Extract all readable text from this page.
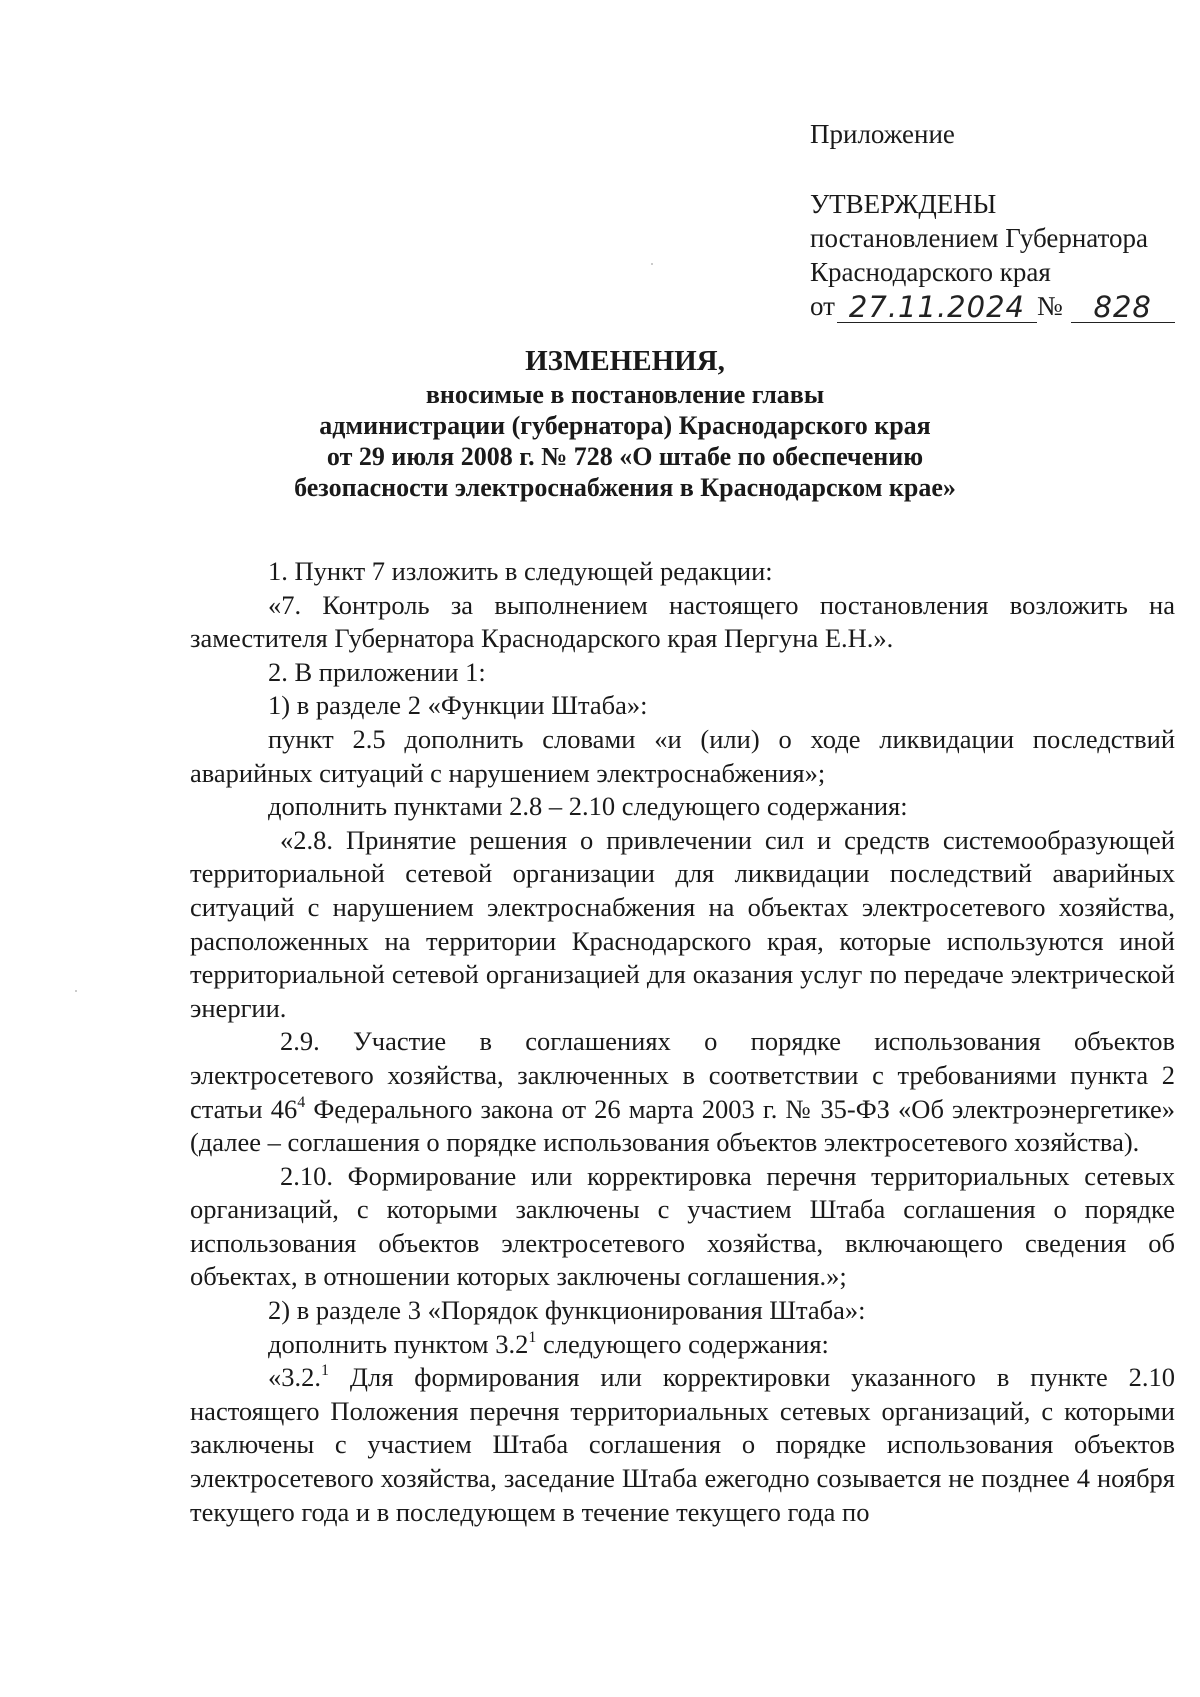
Приложение
УТВЕРЖДЕНЫ
постановлением Губернатора
Краснодарского края
от 27.11.2024 №	828
ИЗМЕНЕНИЯ,
вносимые в постановление главы
администрации (губернатора) Краснодарского края
от 29 июля 2008 г. № 728 «О штабе по обеспечению
безопасности электроснабжения в Краснодарском крае»

1. Пункт 7 изложить в следующей редакции:

«7. Контроль за выполнением настоящего постановления возложить на заместителя Губернатора Краснодарского края Пергуна Е.Н.».

2. В приложении 1:

1) в разделе 2 «Функции Штаба»:

пункт 2.5 дополнить словами «и (или) о ходе ликвидации последствий аварийных ситуаций с нарушением электроснабжения»;

дополнить пунктами 2.8 – 2.10 следующего содержания:

«2.8. Принятие решения о привлечении сил и средств системообразующей территориальной сетевой организации для ликвидации последствий аварийных ситуаций с нарушением электроснабжения на объектах электросетевого хозяйства, расположенных на территории Краснодарского края, которые используются иной территориальной сетевой организацией для оказания услуг по передаче электрической энергии.

2.9. Участие в соглашениях о порядке использования объектов электросетевого хозяйства, заключенных в соответствии с требованиями пункта 2 статьи $46^4$ Федерального закона от 26 марта 2003 г. № 35-ФЗ «Об электроэнергетике» (далее – соглашения о порядке использования объектов электросетевого хозяйства).

2.10. Формирование или корректировка перечня территориальных сетевых организаций, с которыми заключены с участием Штаба соглашения о порядке использования объектов электросетевого хозяйства, включающего сведения об объектах, в отношении которых заключены соглашения.»;

2) в разделе 3 «Порядок функционирования Штаба»:

дополнить пунктом $3.2^1$ следующего содержания:

«3.2.$^1$ Для формирования или корректировки указанного в пункте 2.10 настоящего Положения перечня территориальных сетевых организаций, с которыми заключены с участием Штаба соглашения о порядке использования объектов электросетевого хозяйства, заседание Штаба ежегодно созывается не позднее 4 ноября текущего года и в последующем в течение текущего года по
